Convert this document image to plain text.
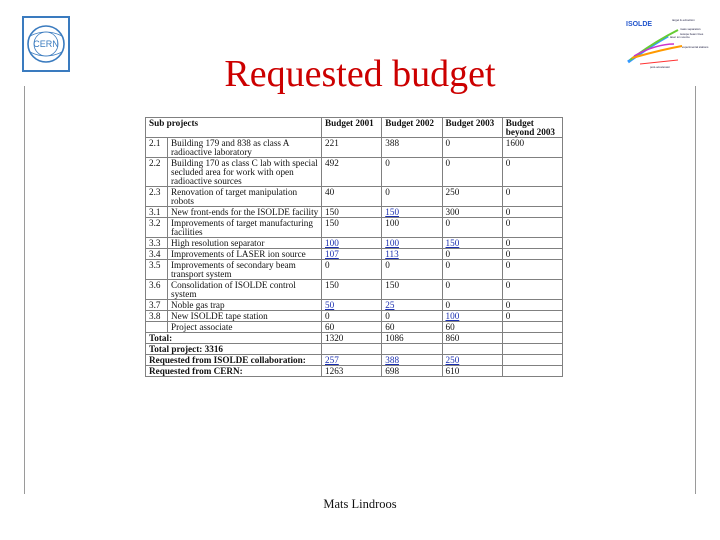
CERN
ISOLDE
target & extraction
laser ion source
mass separators
isotope beam lines
experimental stations
post-accelerator
Requested budget
Sub projects		Budget 2001	Budget 2002	Budget 2003	Budget beyond 2003
2.1	Building 179 and 838 as class A radioactive laboratory	221	388	0	1600
2.2	Building 170 as class C lab with special secluded area for work with open radioactive sources	492	0	0	0
2.3	Renovation of target manipulation robots	40	0	250	0
3.1	New front-ends for the ISOLDE facility	150	150	300	0
3.2	Improvements of target manufacturing facilities	150	100	0	0
3.3	High resolution separator	100	100	150	0
3.4	Improvements of LASER ion source	107	113	0	0
3.5	Improvements of secondary beam transport system	0	0	0	0
3.6	Consolidation of ISOLDE control system	150	150	0	0
3.7	Noble gas trap	50	25	0	0
3.8	New ISOLDE tape station	0	0	100	0
	Project associate	60	60	60	
Total:		1320	1086	860	
Total project: 3316					
Requested from ISOLDE collaboration:		257	388	250	
Requested from CERN:		1263	698	610	
Mats Lindroos
